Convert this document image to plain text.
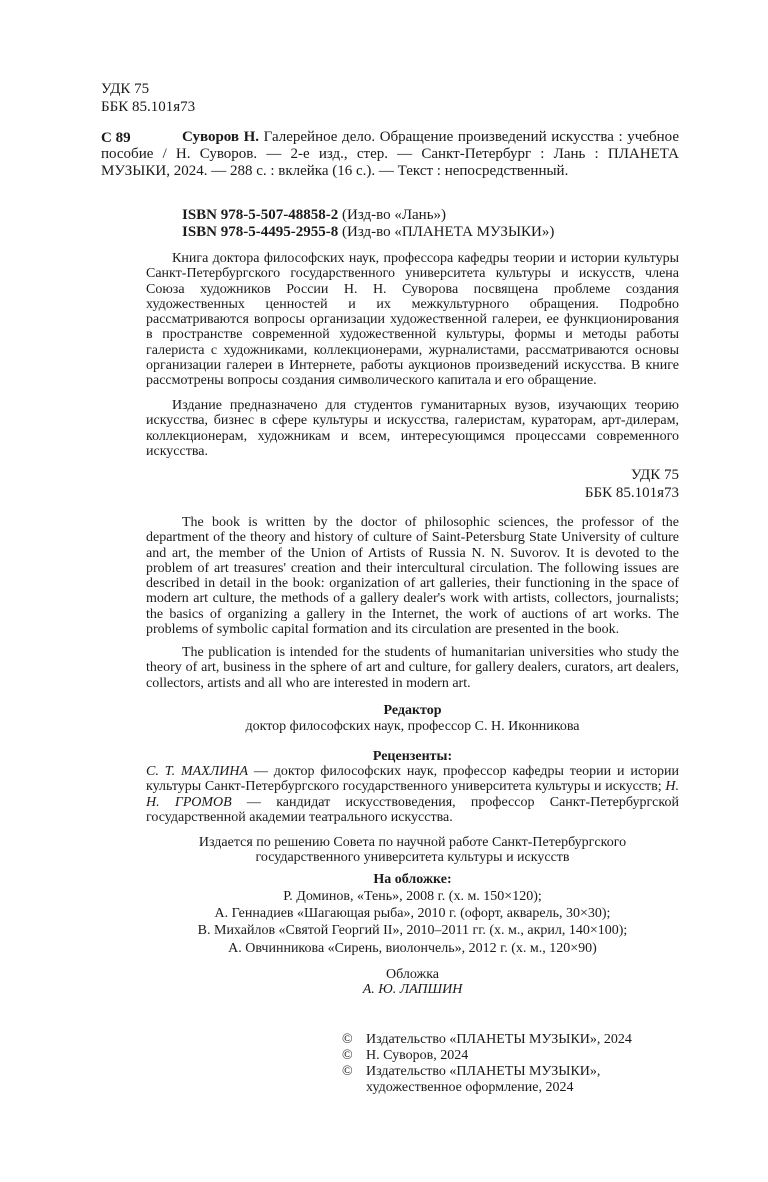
УДК 75
ББК 85.101я73
С 89	Суворов Н. Галерейное дело. Обращение произведений искусства : учебное пособие / Н. Суворов. — 2-е изд., стер. — Санкт-Петербург : Лань : ПЛАНЕТА МУЗЫКИ, 2024. — 288 с. : вклейка (16 с.). — Текст : непосредственный.
ISBN 978-5-507-48858-2 (Изд-во «Лань»)
ISBN 978-5-4495-2955-8 (Изд-во «ПЛАНЕТА МУЗЫКИ»)
Книга доктора философских наук, профессора кафедры теории и истории культуры Санкт-Петербургского государственного университета культуры и искусств, члена Союза художников России Н. Н. Суворова посвящена проблеме создания художественных ценностей и их межкультурного обращения. Подробно рассматриваются вопросы организации художественной галереи, ее функционирования в пространстве современной художественной культуры, формы и методы работы галериста с художниками, коллекционерами, журналистами, рассматриваются основы организации галереи в Интернете, работы аукционов произведений искусства. В книге рассмотрены вопросы создания символического капитала и его обращение.
Издание предназначено для студентов гуманитарных вузов, изучающих теорию искусства, бизнес в сфере культуры и искусства, галеристам, кураторам, арт-дилерам, коллекционерам, художникам и всем, интересующимся процессами современного искусства.
УДК 75
ББК 85.101я73
The book is written by the doctor of philosophic sciences, the professor of the department of the theory and history of culture of Saint-Petersburg State University of culture and art, the member of the Union of Artists of Russia N. N. Suvorov. It is devoted to the problem of art treasures' creation and their intercultural circulation. The following issues are described in detail in the book: organization of art galleries, their functioning in the space of modern art culture, the methods of a gallery dealer's work with artists, collectors, journalists; the basics of organizing a gallery in the Internet, the work of auctions of art works. The problems of symbolic capital formation and its circulation are presented in the book.
The publication is intended for the students of humanitarian universities who study the theory of art, business in the sphere of art and culture, for gallery dealers, curators, art dealers, collectors, artists and all who are interested in modern art.
Редактор
доктор философских наук, профессор С. Н. Иконникова
Рецензенты:
С. Т. МАХЛИНА — доктор философских наук, профессор кафедры теории и истории культуры Санкт-Петербургского государственного университета культуры и искусств; Н. Н. ГРОМОВ — кандидат искусствоведения, профессор Санкт-Петербургской государственной академии театрального искусства.
Издается по решению Совета по научной работе Санкт-Петербургского
государственного университета культуры и искусств
На обложке:
Р. Доминов, «Тень», 2008 г. (х. м. 150×120);
А. Геннадиев «Шагающая рыба», 2010 г. (офорт, акварель, 30×30);
В. Михайлов «Святой Георгий II», 2010–2011 гг. (х. м., акрил, 140×100);
А. Овчинникова «Сирень, виолончель», 2012 г. (х. м., 120×90)
Обложка
А. Ю. ЛАПШИН
© Издательство «ПЛАНЕТЫ МУЗЫКИ», 2024
© Н. Суворов, 2024
© Издательство «ПЛАНЕТЫ МУЗЫКИ»,
художественное оформление, 2024
